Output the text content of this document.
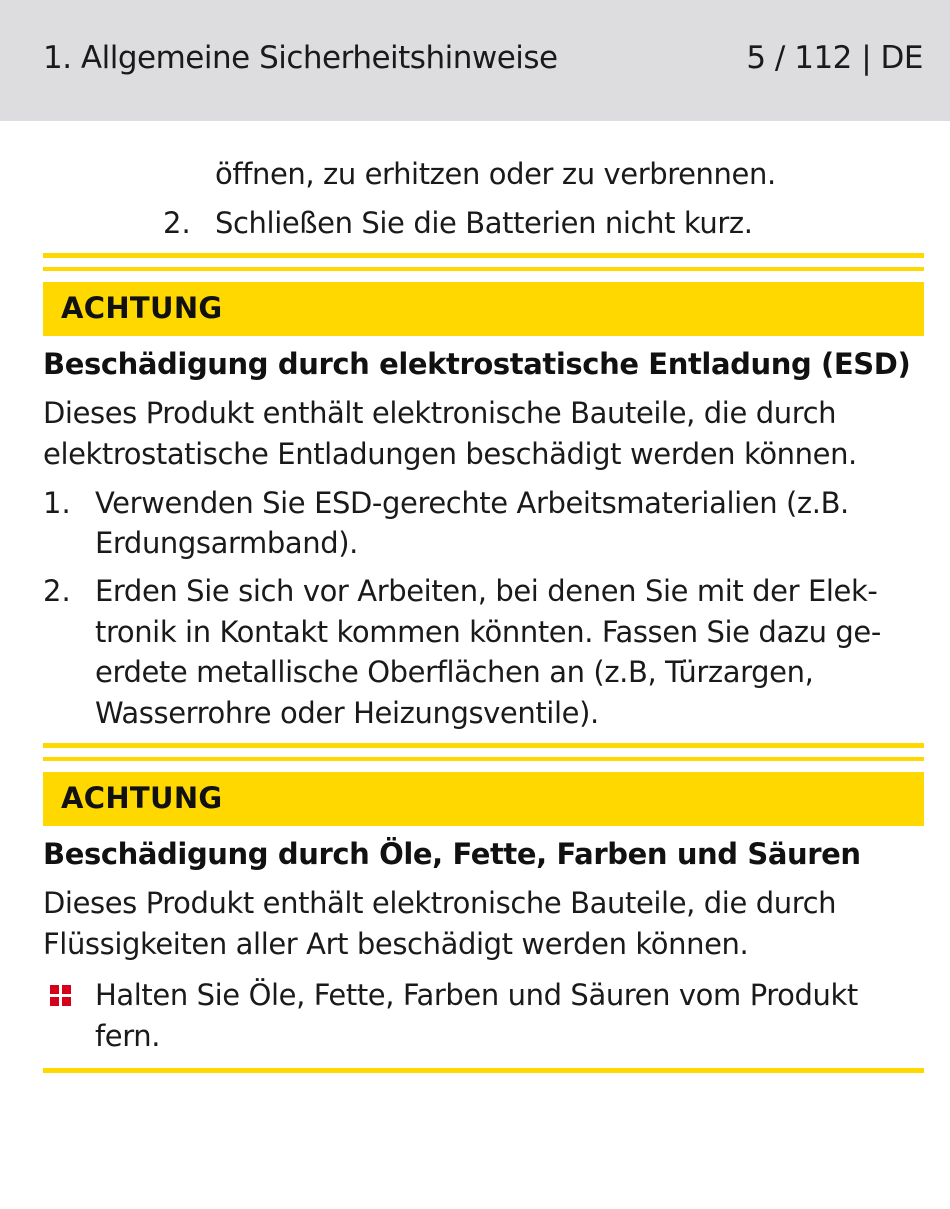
1. Allgemeine Sicherheitshinweise	5 / 112 | DE
öffnen, zu erhitzen oder zu verbrennen.
2. Schließen Sie die Batterien nicht kurz.
ACHTUNG
Beschädigung durch elektrostatische Entladung (ESD)
Dieses Produkt enthält elektronische Bauteile, die durch
elektrostatische Entladungen beschädigt werden können.
1. Verwenden Sie ESD-gerechte Arbeitsmaterialien (z.B.
Erdungsarmband).
2. Erden Sie sich vor Arbeiten, bei denen Sie mit der Elek-
tronik in Kontakt kommen könnten. Fassen Sie dazu ge-
erdete metallische Oberflächen an (z.B, Türzargen,
Wasserrohre oder Heizungsventile).
ACHTUNG
Beschädigung durch Öle, Fette, Farben und Säuren
Dieses Produkt enthält elektronische Bauteile, die durch
Flüssigkeiten aller Art beschädigt werden können.
Halten Sie Öle, Fette, Farben und Säuren vom Produkt
fern.
